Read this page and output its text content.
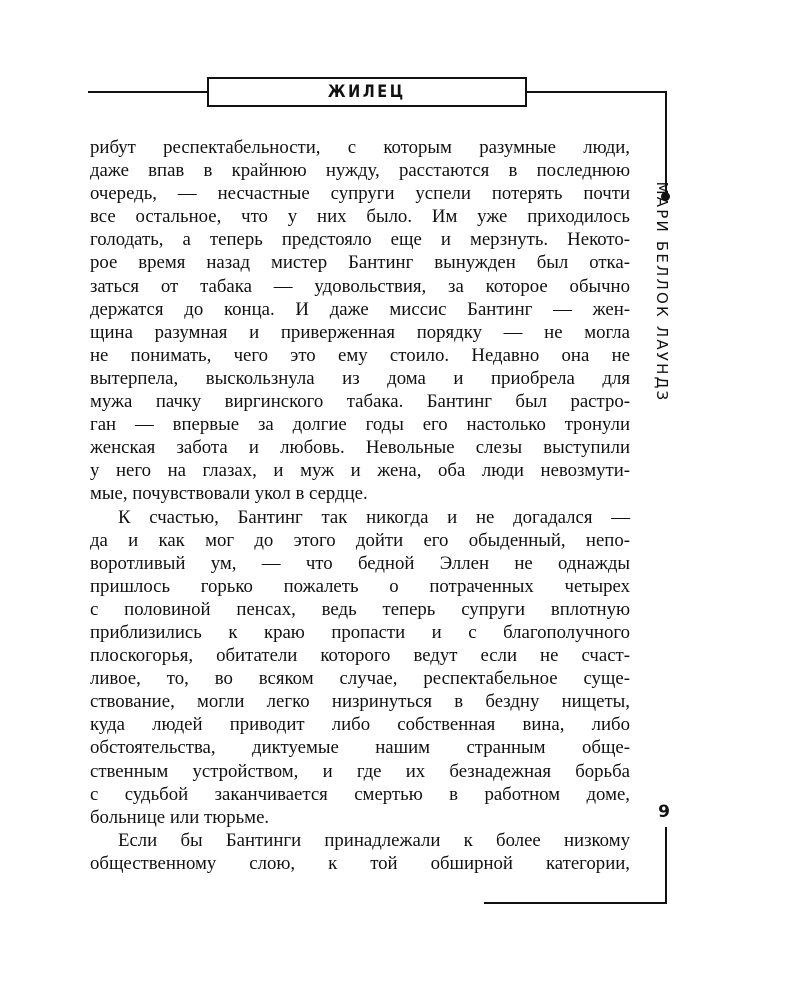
ЖИЛЕЦ
МАРИ БЕЛЛОК ЛАУНДЗ
9
рибут респектабельности, с которым разумные люди,
даже впав в крайнюю нужду, расстаются в последнюю
очередь, — несчастные супруги успели потерять почти
все остальное, что у них было. Им уже приходилось
голодать, а теперь предстояло еще и мерзнуть. Некото-
рое время назад мистер Бантинг вынужден был отка-
заться от табака — удовольствия, за которое обычно
держатся до конца. И даже миссис Бантинг — жен-
щина разумная и приверженная порядку — не могла
не понимать, чего это ему стоило. Недавно она не
вытерпела, выскользнула из дома и приобрела для
мужа пачку виргинского табака. Бантинг был растро-
ган — впервые за долгие годы его настолько тронули
женская забота и любовь. Невольные слезы выступили
у него на глазах, и муж и жена, оба люди невозмути-
мые, почувствовали укол в сердце.
К счастью, Бантинг так никогда и не догадался —
да и как мог до этого дойти его обыденный, непо-
воротливый ум, — что бедной Эллен не однажды
пришлось горько пожалеть о потраченных четырех
с половиной пенсах, ведь теперь супруги вплотную
приблизились к краю пропасти и с благополучного
плоскогорья, обитатели которого ведут если не счаст-
ливое, то, во всяком случае, респектабельное суще-
ствование, могли легко низринуться в бездну нищеты,
куда людей приводит либо собственная вина, либо
обстоятельства, диктуемые нашим странным обще-
ственным устройством, и где их безнадежная борьба
с судьбой заканчивается смертью в работном доме,
больнице или тюрьме.
Если бы Бантинги принадлежали к более низкому
общественному слою, к той обширной категории,
